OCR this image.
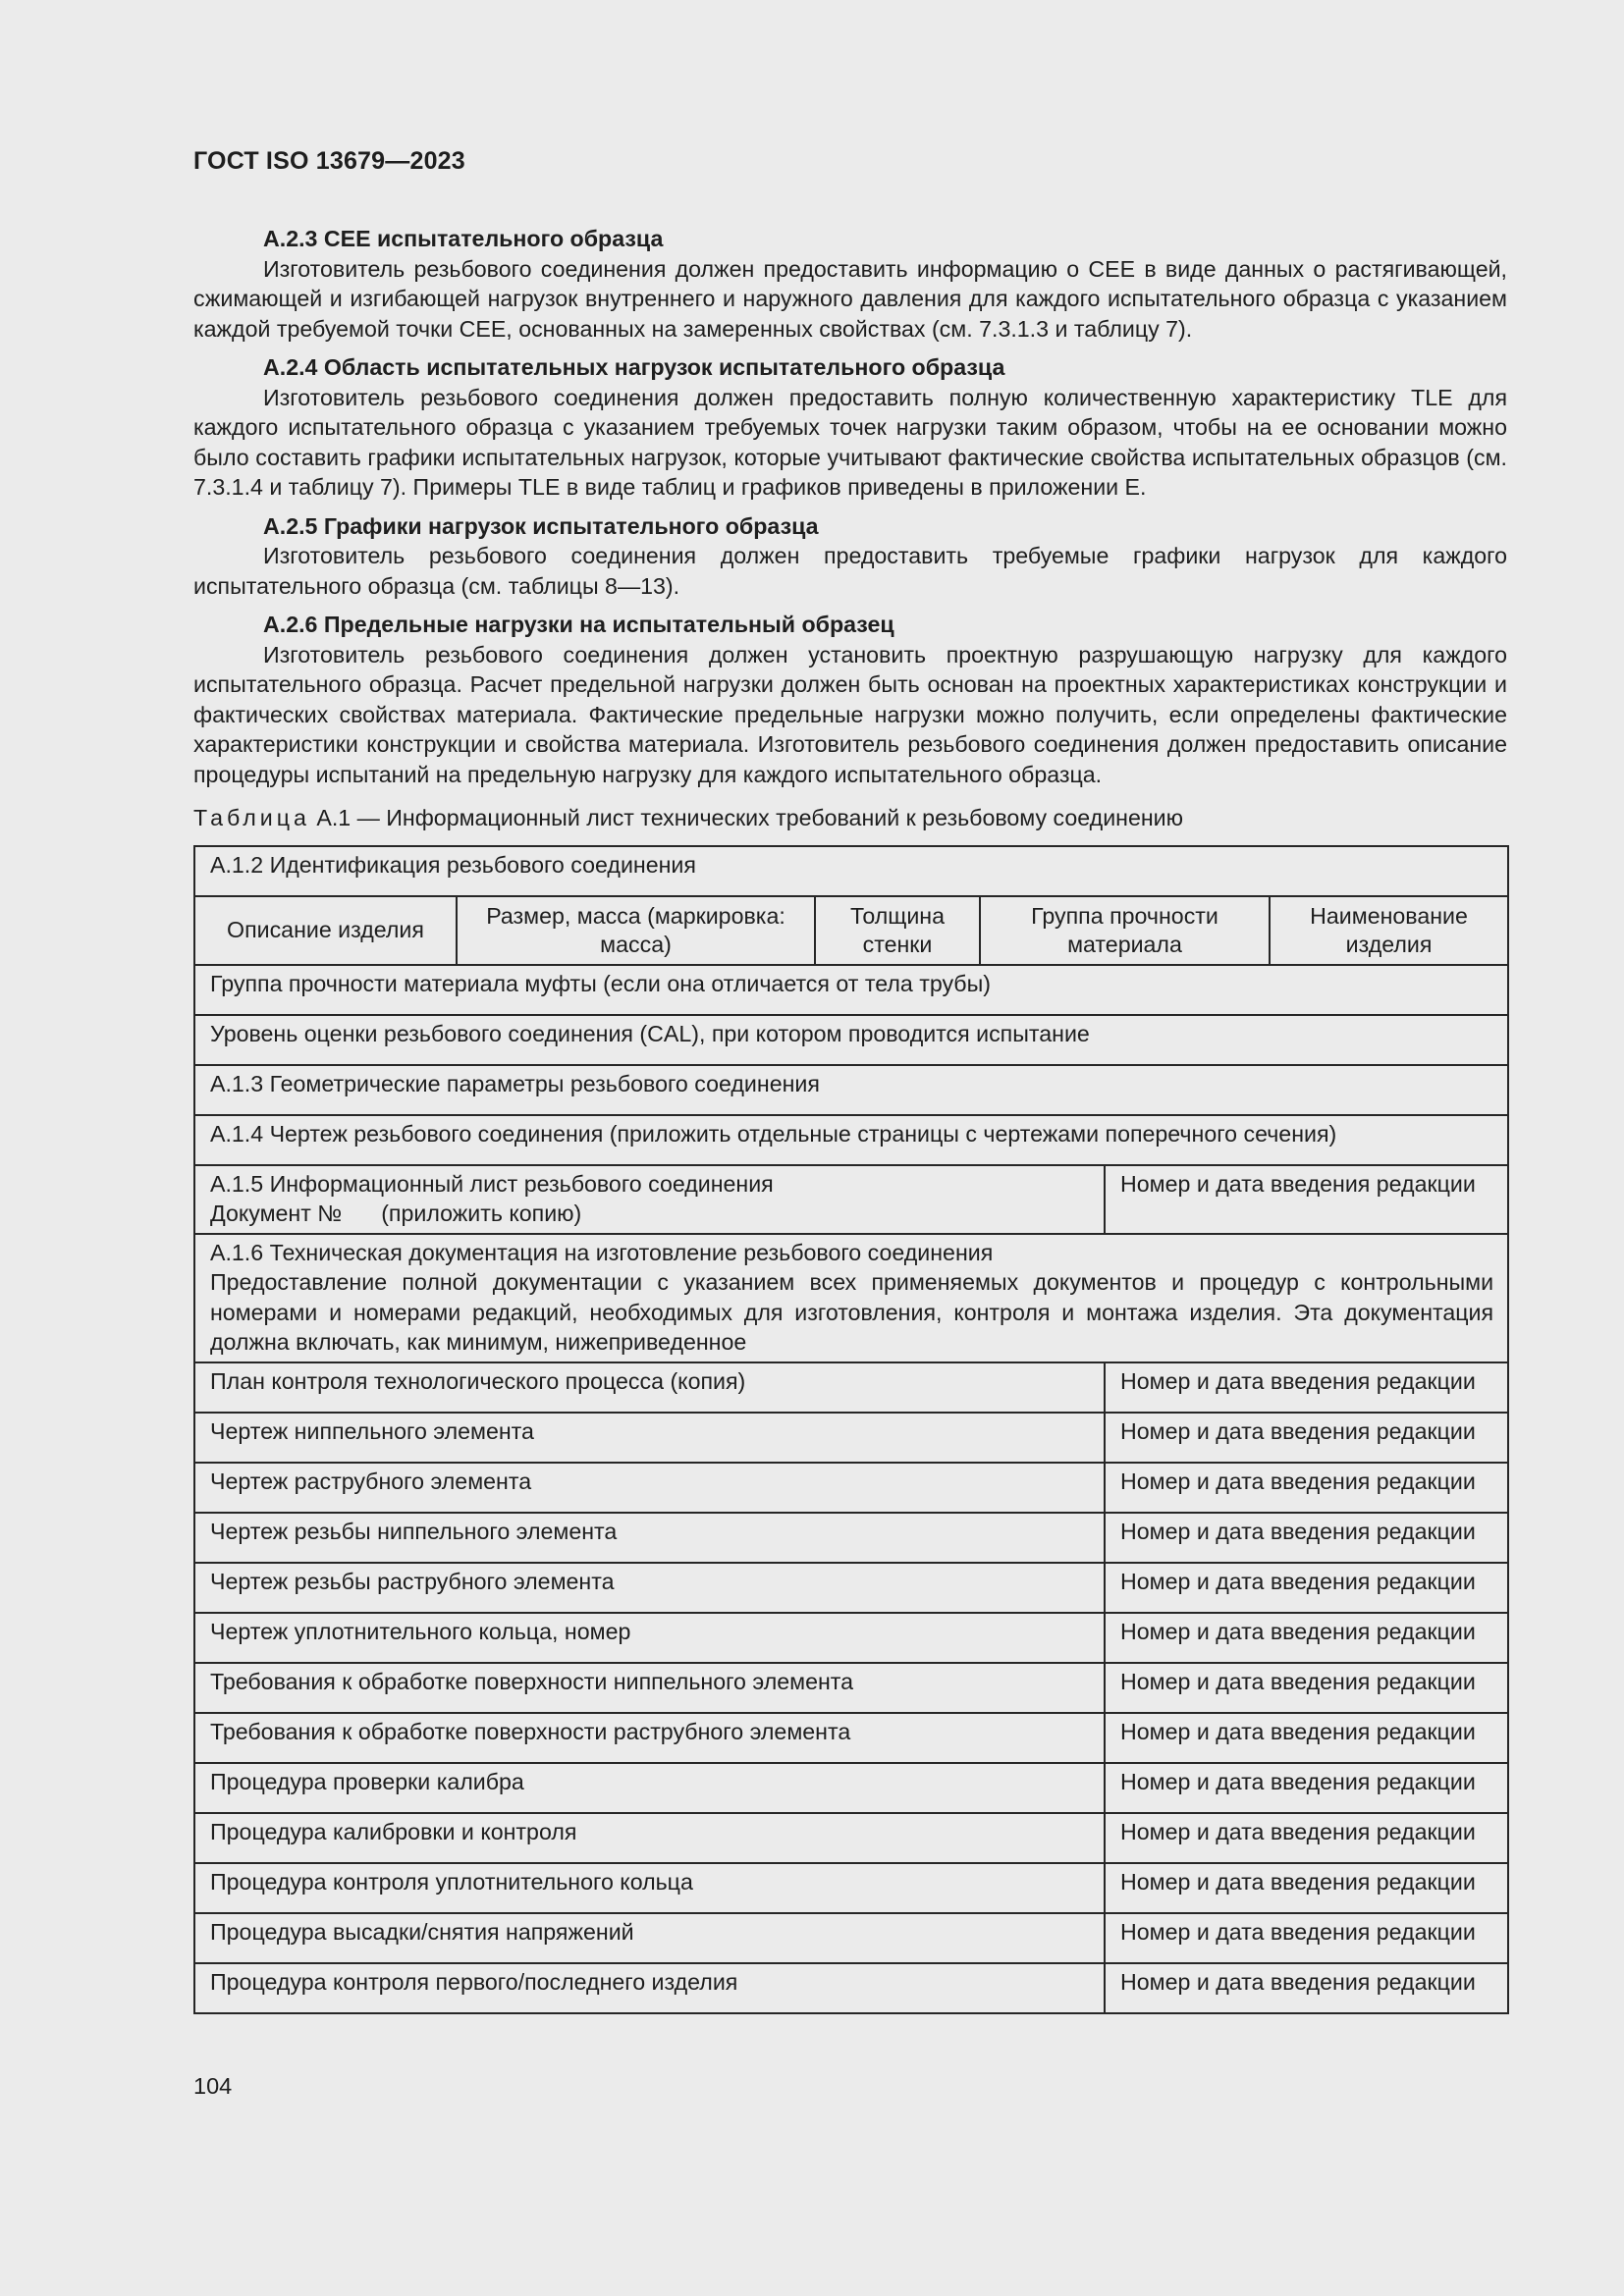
ГОСТ ISO 13679—2023
А.2.3 CEE испытательного образца
Изготовитель резьбового соединения должен предоставить информацию о CEE в виде данных о растягивающей, сжимающей и изгибающей нагрузок внутреннего и наружного давления для каждого испытательного образца с указанием каждой требуемой точки CEE, основанных на замеренных свойствах (см. 7.3.1.3 и таблицу 7).
А.2.4 Область испытательных нагрузок испытательного образца
Изготовитель резьбового соединения должен предоставить полную количественную характеристику TLE для каждого испытательного образца с указанием требуемых точек нагрузки таким образом, чтобы на ее основании можно было составить графики испытательных нагрузок, которые учитывают фактические свойства испытательных образцов (см. 7.3.1.4 и таблицу 7). Примеры TLE в виде таблиц и графиков приведены в приложении Е.
А.2.5 Графики нагрузок испытательного образца
Изготовитель резьбового соединения должен предоставить требуемые графики нагрузок для каждого испытательного образца (см. таблицы 8—13).
А.2.6 Предельные нагрузки на испытательный образец
Изготовитель резьбового соединения должен установить проектную разрушающую нагрузку для каждого испытательного образца. Расчет предельной нагрузки должен быть основан на проектных характеристиках конструкции и фактических свойствах материала. Фактические предельные нагрузки можно получить, если определены фактические характеристики конструкции и свойства материала. Изготовитель резьбового соединения должен предоставить описание процедуры испытаний на предельную нагрузку для каждого испытательного образца.
Таблица А.1 — Информационный лист технических требований к резьбовому соединению
А.1.2 Идентификация резьбового соединения					
Описание изделия	Размер, масса (маркировка: масса)	Толщина стенки	Группа прочности материала		Наименование изделия
Группа прочности материала муфты (если она отличается от тела трубы)					
Уровень оценки резьбового соединения (CAL), при котором проводится испытание					
А.1.3 Геометрические параметры резьбового соединения					
А.1.4 Чертеж резьбового соединения (приложить отдельные страницы с чертежами поперечного сечения)					

А.1.5 Информационный лист резьбового соединения
Документ № (приложить копию)				Номер и дата введения редакции	

А.1.6 Техническая документация на изготовление резьбового соединения
Предоставление полной документации с указанием всех применяемых документов и процедур с контрольными номерами и номерами редакций, необходимых для изготовления, контроля и монтажа изделия. Эта документация должна включать, как минимум, нижеприведенное					

План контроля технологического процесса (копия)				Номер и дата введения редакции	
Чертеж ниппельного элемента				Номер и дата введения редакции	
Чертеж раструбного элемента				Номер и дата введения редакции	
Чертеж резьбы ниппельного элемента				Номер и дата введения редакции	
Чертеж резьбы раструбного элемента				Номер и дата введения редакции	
Чертеж уплотнительного кольца, номер				Номер и дата введения редакции	
Требования к обработке поверхности ниппельного элемента				Номер и дата введения редакции	
Требования к обработке поверхности раструбного элемента				Номер и дата введения редакции	
Процедура проверки калибра				Номер и дата введения редакции	
Процедура калибровки и контроля				Номер и дата введения редакции	
Процедура контроля уплотнительного кольца				Номер и дата введения редакции	
Процедура высадки/снятия напряжений				Номер и дата введения редакции	
Процедура контроля первого/последнего изделия				Номер и дата введения редакции	
104
